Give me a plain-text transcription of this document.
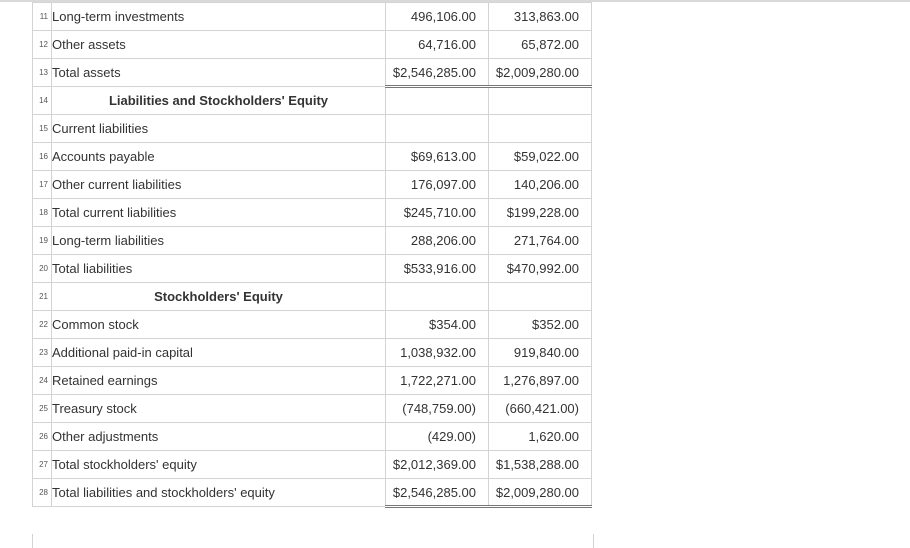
11	Long-term investments	496,106.00	313,863.00
12	Other assets	64,716.00	65,872.00
13	Total assets	$2,546,285.00	$2,009,280.00
14	Liabilities and Stockholders' Equity		
15	Current liabilities		
16	Accounts payable	$69,613.00	$59,022.00
17	Other current liabilities	176,097.00	140,206.00
18	Total current liabilities	$245,710.00	$199,228.00
19	Long-term liabilities	288,206.00	271,764.00
20	Total liabilities	$533,916.00	$470,992.00
21	Stockholders' Equity		
22	Common stock	$354.00	$352.00
23	Additional paid-in capital	1,038,932.00	919,840.00
24	Retained earnings	1,722,271.00	1,276,897.00
25	Treasury stock	(748,759.00)	(660,421.00)
26	Other adjustments	(429.00)	1,620.00
27	Total stockholders' equity	$2,012,369.00	$1,538,288.00
28	Total liabilities and stockholders' equity	$2,546,285.00	$2,009,280.00
